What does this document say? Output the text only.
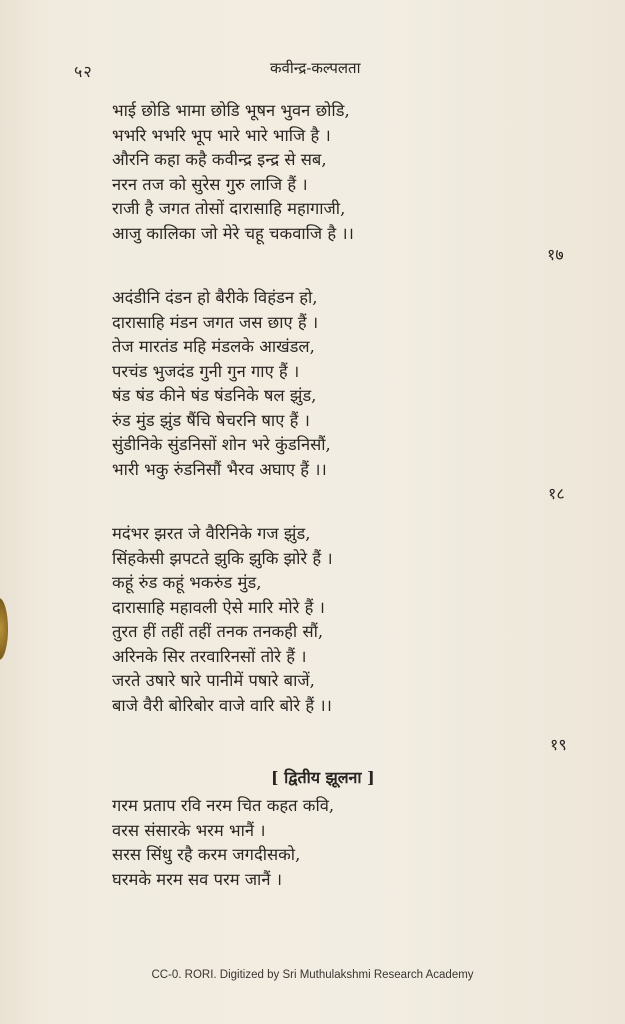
५२	कवीन्द्र-कल्पलता
भाई छोडि भामा छोडि भूषन भुवन छोडि,
भभरि भभरि भूप भारे भारे भाजि है ।
औरनि कहा कहै कवीन्द्र इन्द्र से सब,
नरन तज को सुरेस गुरु लाजि हैं ।
राजी है जगत तोसों दारासाहि महागाजी,
आजु कालिका जो मेरे चहू चकवाजि है ।।
१७
अदंडीनि दंडन हो बैरीके विहंडन हो,
दारासाहि मंडन जगत जस छाए हैं ।
तेज मारतंड महि मंडलके आखंडल,
परचंड भुजदंड गुनी गुन गाए हैं ।
षंड षंड कीने षंड षंडनिके षल झुंड,
रुंड मुंड झुंड षैंचि षेचरनि षाए हैं ।
सुंडीनिके सुंडनिसों शोन भरे कुंडनिसौं,
भारी भकु रुंडनिसौं भैरव अघाए हैं ।।
१८
मदंभर झरत जे वैरिनिके गज झुंड,
सिंहकेसी झपटते झुकि झुकि झोरे हैं ।
कहूं रुंड कहूं भकरुंड मुंड,
दारासाहि महावली ऐसे मारि मोरे हैं ।
तुरत हीं तहीं तहीं तनक तनकही सौं,
अरिनके सिर तरवारिनसों तोरे हैं ।
जरते उषारे षारे पानीमें पषारे बाजें,
बाजे वैरी बोरिबोर वाजे वारि बोरे हैं ।।
१९
[ द्वितीय झूलना ]
गरम प्रताप रवि नरम चित कहत कवि,
वरस संसारके भरम भानैं ।
सरस सिंधु रहै करम जगदीसको,
घरमके मरम सव परम जानैं ।
CC-0. RORI. Digitized by Sri Muthulakshmi Research Academy
